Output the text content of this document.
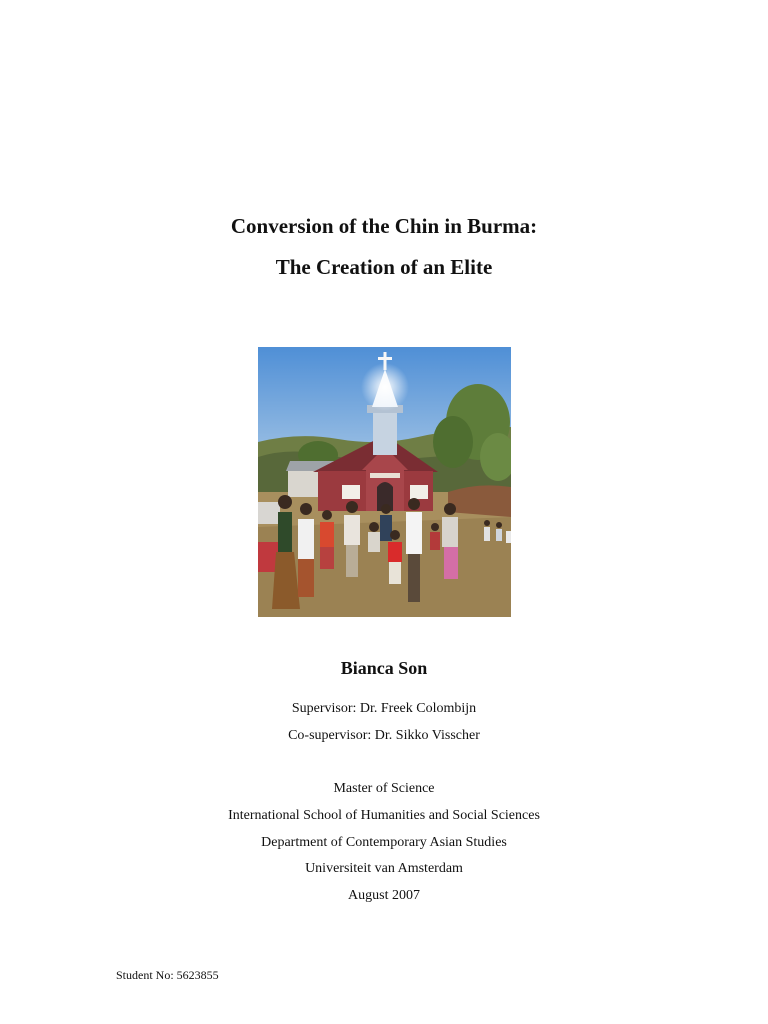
Conversion of the Chin in Burma:
The Creation of an Elite
Bianca Son
Supervisor: Dr. Freek Colombijn
Co-supervisor: Dr. Sikko Visscher
Master of Science
International School of Humanities and Social Sciences
Department of Contemporary Asian Studies
Universiteit van Amsterdam
August 2007
Student No: 5623855
